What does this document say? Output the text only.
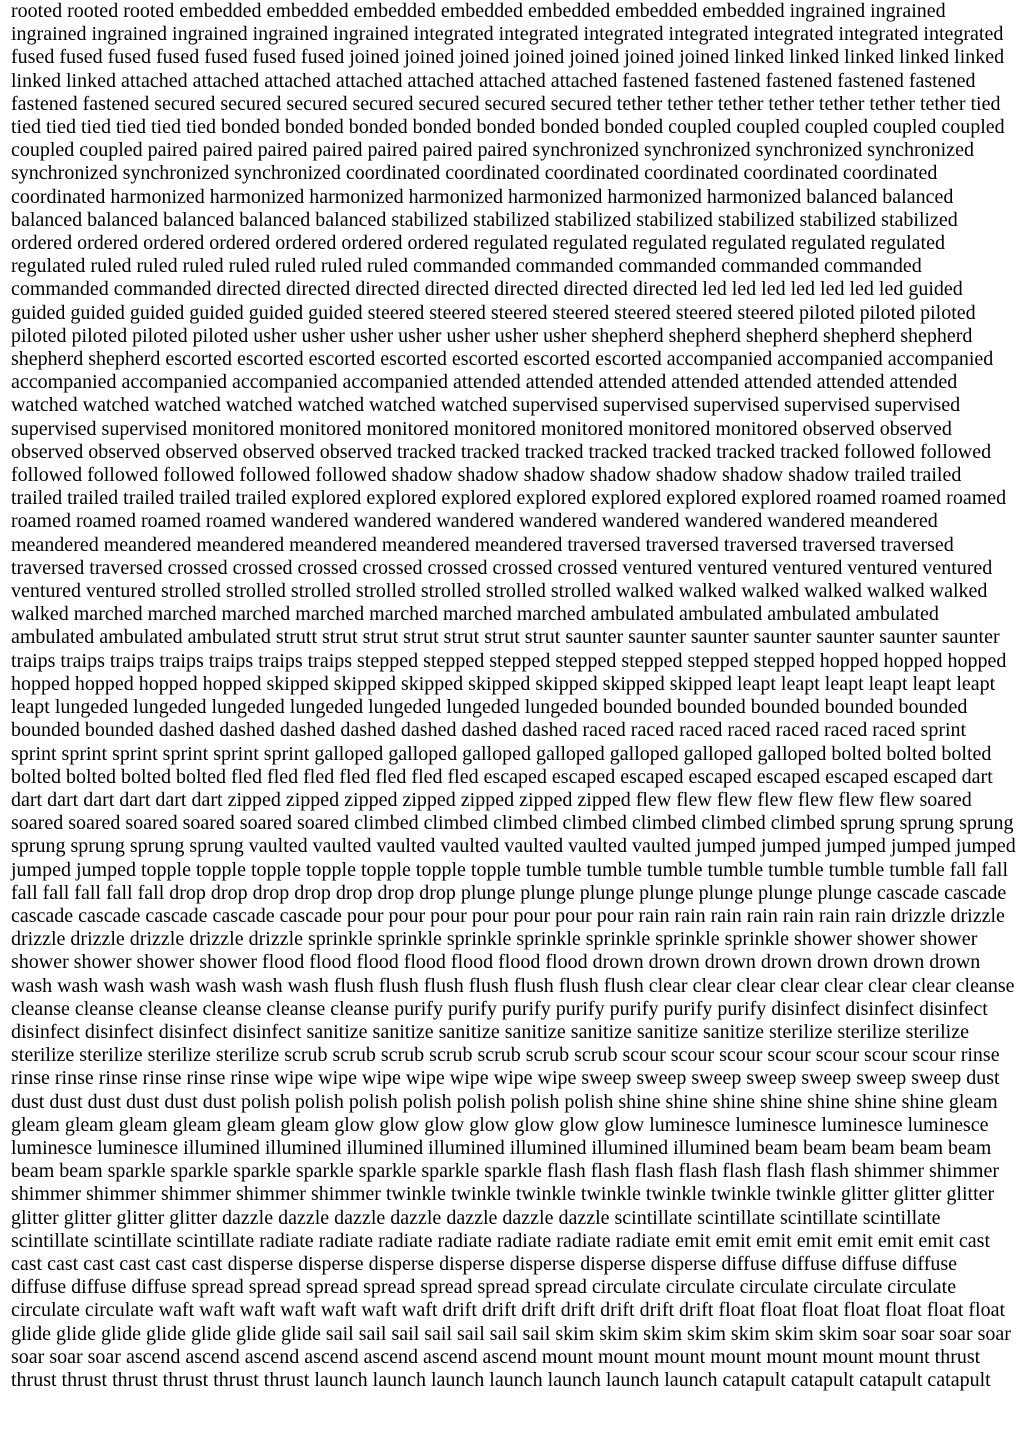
rooted rooted rooted embedded embedded embedded embedded embedded embedded embedded ingrained ingrained ingrained ingrained ingrained ingrained ingrained integrated integrated integrated integrated integrated integrated integrated fused fused fused fused fused fused fused joined joined joined joined joined joined joined linked linked linked linked linked linked linked attached attached attached attached attached attached attached fastened fastened fastened fastened fastened fastened fastened secured secured secured secured secured secured secured tether tether tether tether tether tether tether tied tied tied tied tied tied tied bonded bonded bonded bonded bonded bonded bonded coupled coupled coupled coupled coupled coupled coupled paired paired paired paired paired paired paired synchronized synchronized synchronized synchronized synchronized synchronized synchronized coordinated coordinated coordinated coordinated coordinated coordinated coordinated harmonized harmonized harmonized harmonized harmonized harmonized harmonized balanced balanced balanced balanced balanced balanced balanced stabilized stabilized stabilized stabilized stabilized stabilized stabilized ordered ordered ordered ordered ordered ordered ordered regulated regulated regulated regulated regulated regulated regulated ruled ruled ruled ruled ruled ruled ruled commanded commanded commanded commanded commanded commanded commanded directed directed directed directed directed directed directed led led led led led led led guided guided guided guided guided guided guided steered steered steered steered steered steered steered piloted piloted piloted piloted piloted piloted piloted usher usher usher usher usher usher usher shepherd shepherd shepherd shepherd shepherd shepherd shepherd escorted escorted escorted escorted escorted escorted escorted accompanied accompanied accompanied accompanied accompanied accompanied accompanied attended attended attended attended attended attended attended watched watched watched watched watched watched watched supervised supervised supervised supervised supervised supervised supervised monitored monitored monitored monitored monitored monitored monitored observed observed observed observed observed observed observed tracked tracked tracked tracked tracked tracked tracked followed followed followed followed followed followed followed shadow shadow shadow shadow shadow shadow shadow trailed trailed trailed trailed trailed trailed trailed explored explored explored explored explored explored explored roamed roamed roamed roamed roamed roamed roamed wandered wandered wandered wandered wandered wandered wandered meandered meandered meandered meandered meandered meandered meandered traversed traversed traversed traversed traversed traversed traversed crossed crossed crossed crossed crossed crossed crossed ventured ventured ventured ventured ventured ventured ventured strolled strolled strolled strolled strolled strolled strolled walked walked walked walked walked walked walked marched marched marched marched marched marched marched ambulated ambulated ambulated ambulated ambulated ambulated ambulated strutt strut strut strut strut strut strut saunter saunter saunter saunter saunter saunter saunter traips traips traips traips traips traips traips stepped stepped stepped stepped stepped stepped stepped hopped hopped hopped hopped hopped hopped hopped skipped skipped skipped skipped skipped skipped skipped leapt leapt leapt leapt leapt leapt leapt lungeded lungeded lungeded lungeded lungeded lungeded lungeded bounded bounded bounded bounded bounded bounded bounded dashed dashed dashed dashed dashed dashed dashed raced raced raced raced raced raced raced sprint sprint sprint sprint sprint sprint sprint galloped galloped galloped galloped galloped galloped galloped bolted bolted bolted bolted bolted bolted bolted fled fled fled fled fled fled fled escaped escaped escaped escaped escaped escaped escaped dart dart dart dart dart dart dart zipped zipped zipped zipped zipped zipped zipped flew flew flew flew flew flew flew soared soared soared soared soared soared soared climbed climbed climbed climbed climbed climbed climbed sprung sprung sprung sprung sprung sprung sprung vaulted vaulted vaulted vaulted vaulted vaulted vaulted jumped jumped jumped jumped jumped jumped jumped topple topple topple topple topple topple topple tumble tumble tumble tumble tumble tumble tumble fall fall fall fall fall fall fall drop drop drop drop drop drop drop plunge plunge plunge plunge plunge plunge plunge cascade cascade cascade cascade cascade cascade cascade pour pour pour pour pour pour pour rain rain rain rain rain rain rain drizzle drizzle drizzle drizzle drizzle drizzle drizzle sprinkle sprinkle sprinkle sprinkle sprinkle sprinkle sprinkle shower shower shower shower shower shower shower flood flood flood flood flood flood flood drown drown drown drown drown drown drown wash wash wash wash wash wash wash flush flush flush flush flush flush flush clear clear clear clear clear clear clear cleanse cleanse cleanse cleanse cleanse cleanse cleanse purify purify purify purify purify purify purify disinfect disinfect disinfect disinfect disinfect disinfect disinfect sanitize sanitize sanitize sanitize sanitize sanitize sanitize sterilize sterilize sterilize sterilize sterilize sterilize sterilize scrub scrub scrub scrub scrub scrub scrub scour scour scour scour scour scour scour rinse rinse rinse rinse rinse rinse rinse wipe wipe wipe wipe wipe wipe wipe sweep sweep sweep sweep sweep sweep sweep dust dust dust dust dust dust dust polish polish polish polish polish polish polish shine shine shine shine shine shine shine gleam gleam gleam gleam gleam gleam gleam glow glow glow glow glow glow glow luminesce luminesce luminesce luminesce luminesce luminesce illumined illumined illumined illumined illumined illumined illumined beam beam beam beam beam beam beam sparkle sparkle sparkle sparkle sparkle sparkle sparkle flash flash flash flash flash flash flash shimmer shimmer shimmer shimmer shimmer shimmer shimmer twinkle twinkle twinkle twinkle twinkle twinkle twinkle glitter glitter glitter glitter glitter glitter glitter dazzle dazzle dazzle dazzle dazzle dazzle dazzle scintillate scintillate scintillate scintillate scintillate scintillate scintillate radiate radiate radiate radiate radiate radiate radiate emit emit emit emit emit emit emit cast cast cast cast cast cast cast disperse disperse disperse disperse disperse disperse disperse diffuse diffuse diffuse diffuse diffuse diffuse diffuse spread spread spread spread spread spread spread circulate circulate circulate circulate circulate circulate circulate waft waft waft waft waft waft waft drift drift drift drift drift drift drift float float float float float float float glide glide glide glide glide glide glide sail sail sail sail sail sail sail skim skim skim skim skim skim skim soar soar soar soar soar soar soar ascend ascend ascend ascend ascend ascend ascend mount mount mount mount mount mount mount thrust thrust thrust thrust thrust thrust thrust launch launch launch launch launch launch launch catapult catapult catapult catapult
